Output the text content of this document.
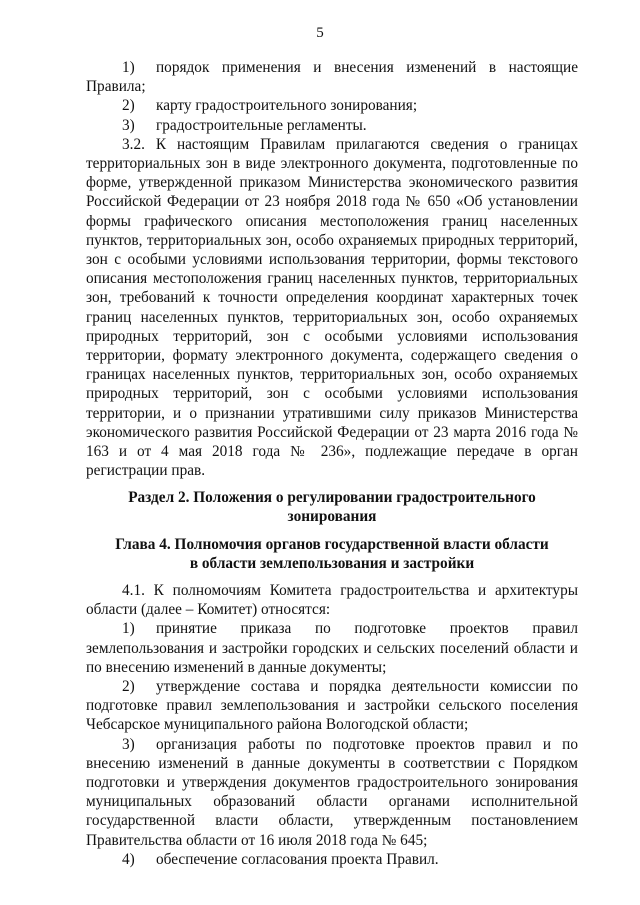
5
1) порядок применения и внесения изменений в настоящие Правила;
2)	карту градостроительного зонирования;
3)	градостроительные регламенты.

3.2. К настоящим Правилам прилагаются сведения о границах территориальных зон в виде электронного документа, подготовленные по форме, утвержденной приказом Министерства экономического развития Российской Федерации от 23 ноября 2018 года № 650 «Об установлении формы графического описания местоположения границ населенных пунктов, территориальных зон, особо охраняемых природных территорий, зон с особыми условиями использования территории, формы текстового описания местоположения границ населенных пунктов, территориальных зон, требований к точности определения координат характерных точек границ населенных пунктов, территориальных зон, особо охраняемых природных территорий, зон с особыми условиями использования территории, формату электронного документа, содержащего сведения о границах населенных пунктов, территориальных зон, особо охраняемых природных территорий, зон с особыми условиями использования территории, и о признании утратившими силу приказов Министерства экономического развития Российской Федерации от 23 марта 2016 года № 163 и от 4 мая 2018 года № 236», подлежащие передаче в орган регистрации прав.

Раздел 2. Положения о регулировании градостроительного
зонирования
Глава 4. Полномочия органов государственной власти области
в области землепользования и застройки

4.1. К полномочиям Комитета градостроительства и архитектуры области (далее – Комитет) относятся:

1) принятие приказа по подготовке проектов правил землепользования и застройки городских и сельских поселений области и по внесению изменений в данные документы;
2) утверждение состава и порядка деятельности комиссии по подготовке правил землепользования и застройки сельского поселения Чебсарское муниципального района Вологодской области;
3) организация работы по подготовке проектов правил и по внесению изменений в данные документы в соответствии с Порядком подготовки и утверждения документов градостроительного зонирования муниципальных образований области органами исполнительной государственной власти области, утвержденным постановлением Правительства области от 16 июля 2018 года № 645;
4) обеспечение согласования проекта Правил.
